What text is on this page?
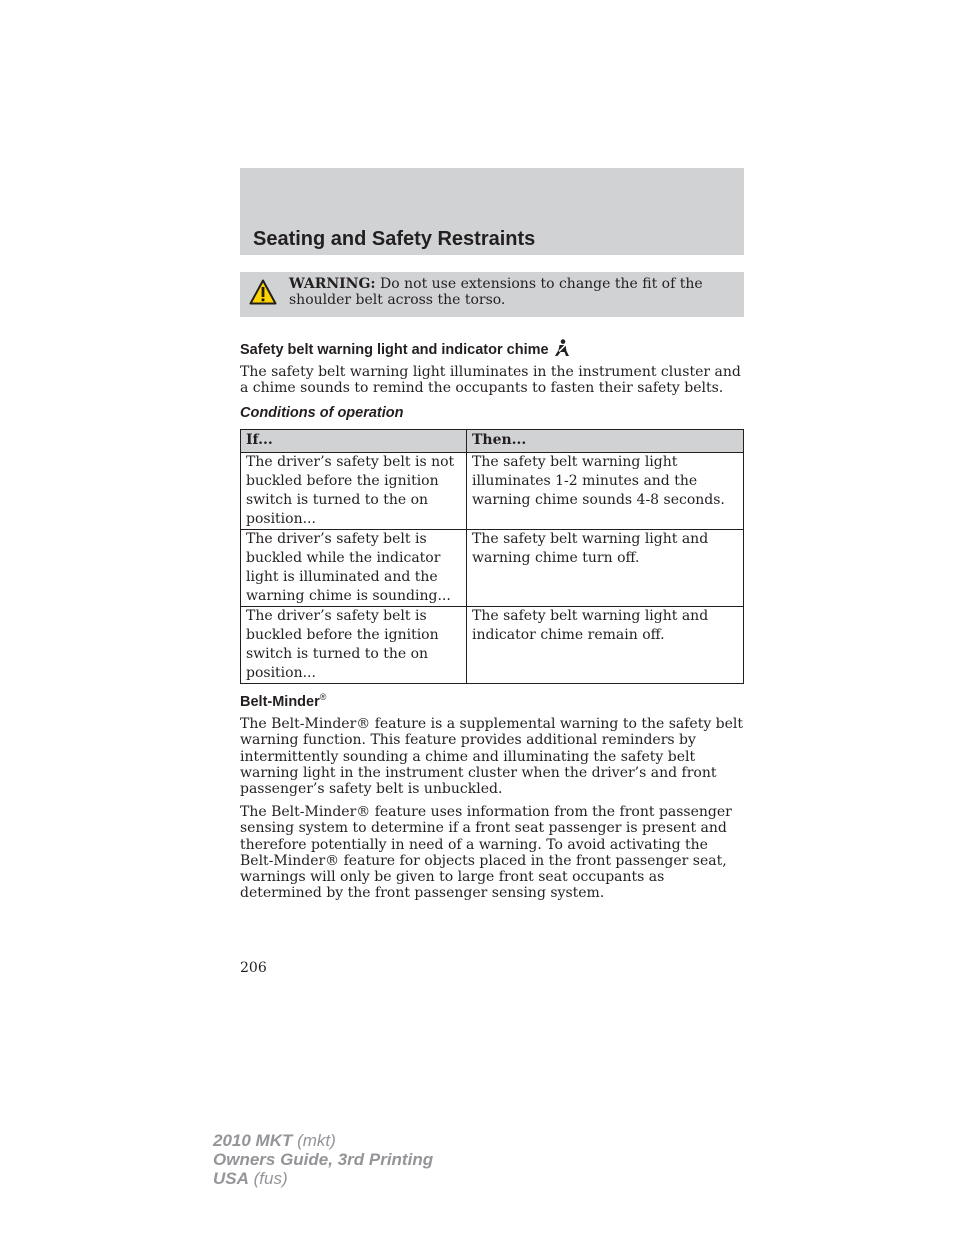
Seating and Safety Restraints
WARNING: Do not use extensions to change the fit of the shoulder belt across the torso.
Safety belt warning light and indicator chime

The safety belt warning light illuminates in the instrument cluster and a chime sounds to remind the occupants to fasten their safety belts.

Conditions of operation
If...	Then...
The driver’s safety belt is not buckled before the ignition switch is turned to the on position...	The safety belt warning light illuminates 1-2 minutes and the warning chime sounds 4-8 seconds.
The driver’s safety belt is buckled while the indicator light is illuminated and the warning chime is sounding...	The safety belt warning light and warning chime turn off.
The driver’s safety belt is buckled before the ignition switch is turned to the on position...	The safety belt warning light and indicator chime remain off.
Belt-Minder®

The Belt-Minder® feature is a supplemental warning to the safety belt warning function. This feature provides additional reminders by intermittently sounding a chime and illuminating the safety belt warning light in the instrument cluster when the driver’s and front passenger’s safety belt is unbuckled.

The Belt-Minder® feature uses information from the front passenger sensing system to determine if a front seat passenger is present and therefore potentially in need of a warning. To avoid activating the Belt-Minder® feature for objects placed in the front passenger seat, warnings will only be given to large front seat occupants as determined by the front passenger sensing system.

206
2010 MKT (mkt)
Owners Guide, 3rd Printing
USA (fus)
